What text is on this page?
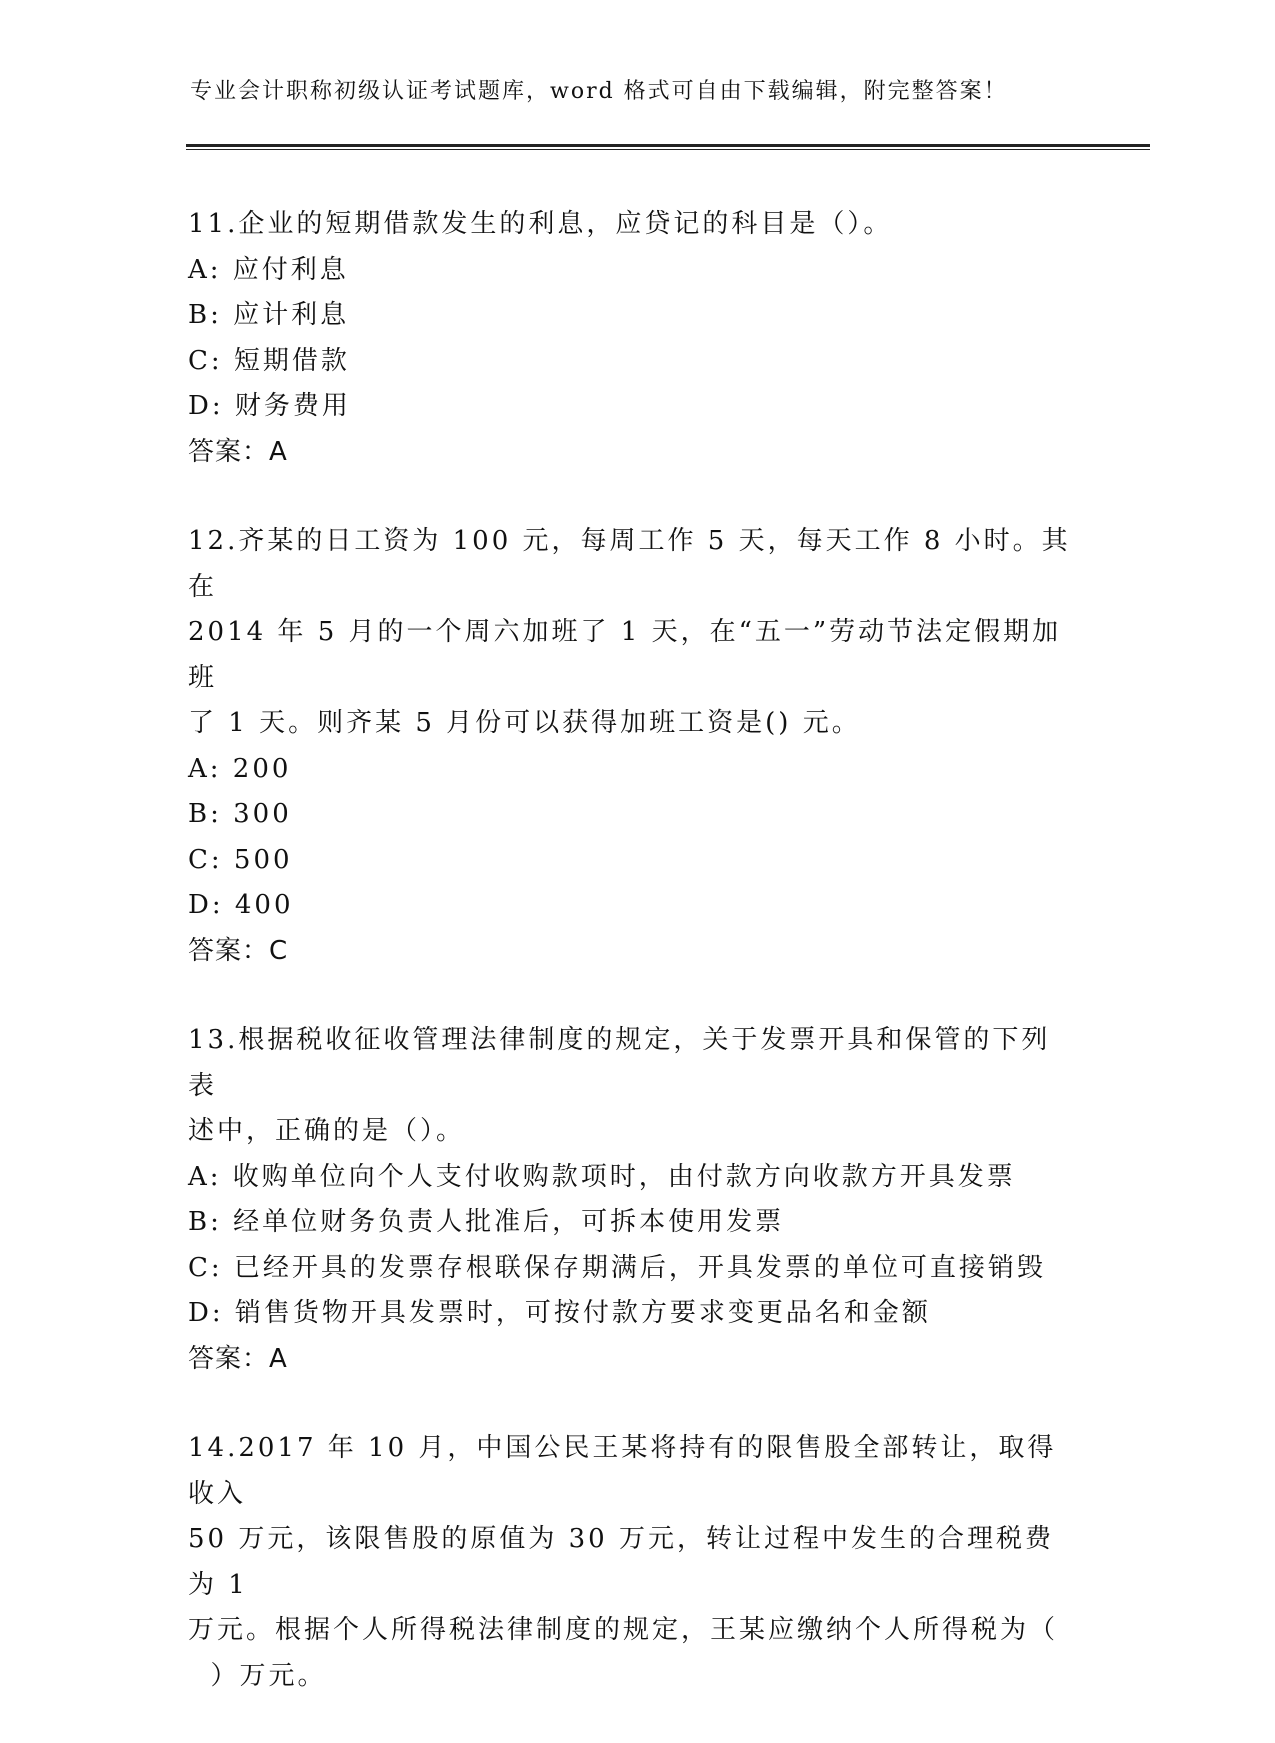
专业会计职称初级认证考试题库，word 格式可自由下载编辑，附完整答案！
11.企业的短期借款发生的利息，应贷记的科目是（）。
A: 应付利息
B: 应计利息
C: 短期借款
D: 财务费用
答案：A
12.齐某的日工资为 100 元，每周工作 5 天，每天工作 8 小时。其在
2014 年 5 月的一个周六加班了 1 天，在“五一”劳动节法定假期加班
了 1 天。则齐某 5 月份可以获得加班工资是() 元。
A: 200
B: 300
C: 500
D: 400
答案：C
13.根据税收征收管理法律制度的规定，关于发票开具和保管的下列表
述中，正确的是（）。
A: 收购单位向个人支付收购款项时，由付款方向收款方开具发票
B: 经单位财务负责人批准后，可拆本使用发票
C: 已经开具的发票存根联保存期满后，开具发票的单位可直接销毁
D: 销售货物开具发票时，可按付款方要求变更品名和金额
答案：A
14.2017 年 10 月，中国公民王某将持有的限售股全部转让，取得收入
50 万元，该限售股的原值为 30 万元，转让过程中发生的合理税费为 1
万元。根据个人所得税法律制度的规定，王某应缴纳个人所得税为（
）万元。
